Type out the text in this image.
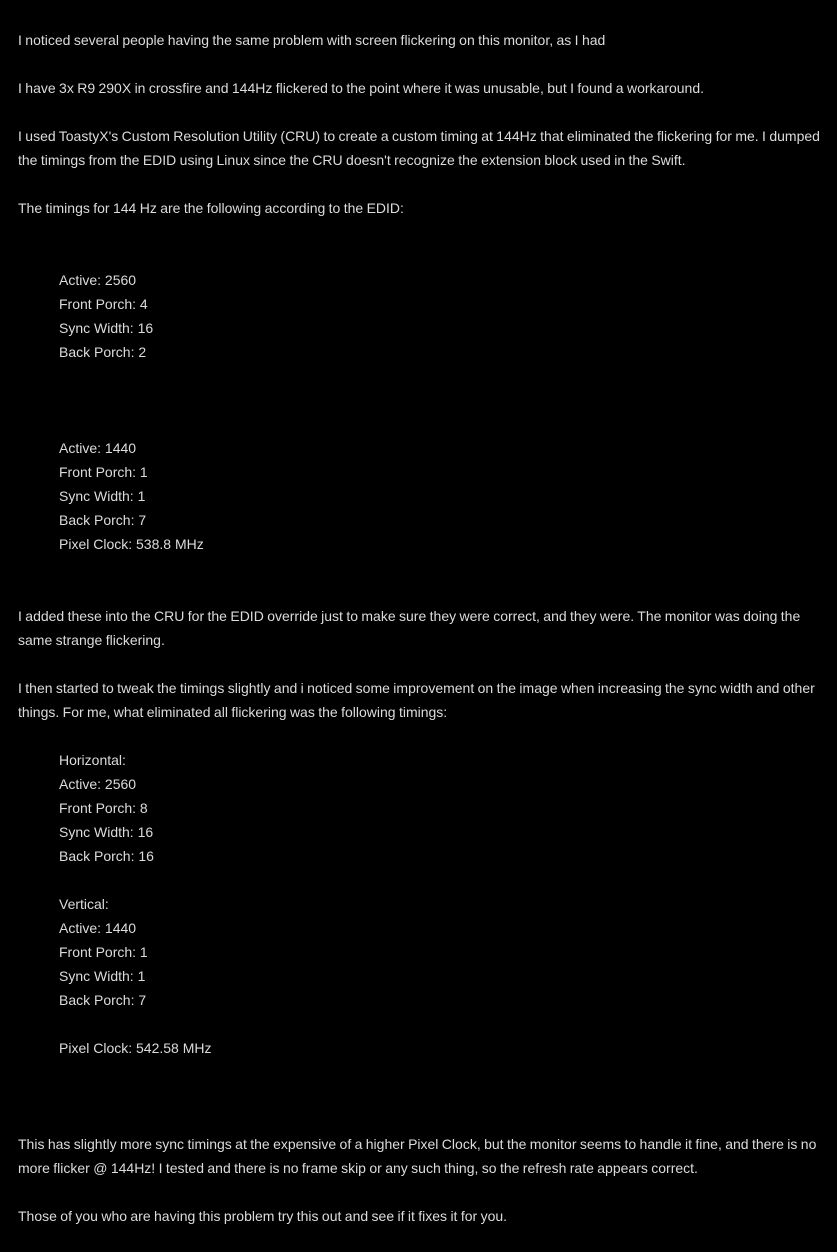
I noticed several people having the same problem with screen flickering on this monitor, as I had

I have 3x R9 290X in crossfire and 144Hz flickered to the point where it was unusable, but I found a workaround.

I used ToastyX's Custom Resolution Utility (CRU) to create a custom timing at 144Hz that eliminated the flickering for me. I dumped the timings from the EDID using Linux since the CRU doesn't recognize the extension block used in the Swift.

The timings for 144 Hz are the following according to the EDID:

Active: 2560
Front Porch: 4
Sync Width: 16
Back Porch: 2
Active: 1440
Front Porch: 1
Sync Width: 1
Back Porch: 7
Pixel Clock: 538.8 MHz

I added these into the CRU for the EDID override just to make sure they were correct, and they were. The monitor was doing the same strange flickering.

I then started to tweak the timings slightly and i noticed some improvement on the image when increasing the sync width and other things. For me, what eliminated all flickering was the following timings:

Horizontal:
Active: 2560
Front Porch: 8
Sync Width: 16
Back Porch: 16
Vertical:
Active: 1440
Front Porch: 1
Sync Width: 1
Back Porch: 7
Pixel Clock: 542.58 MHz

This has slightly more sync timings at the expensive of a higher Pixel Clock, but the monitor seems to handle it fine, and there is no more flicker @ 144Hz! I tested and there is no frame skip or any such thing, so the refresh rate appears correct.

Those of you who are having this problem try this out and see if it fixes it for you.
